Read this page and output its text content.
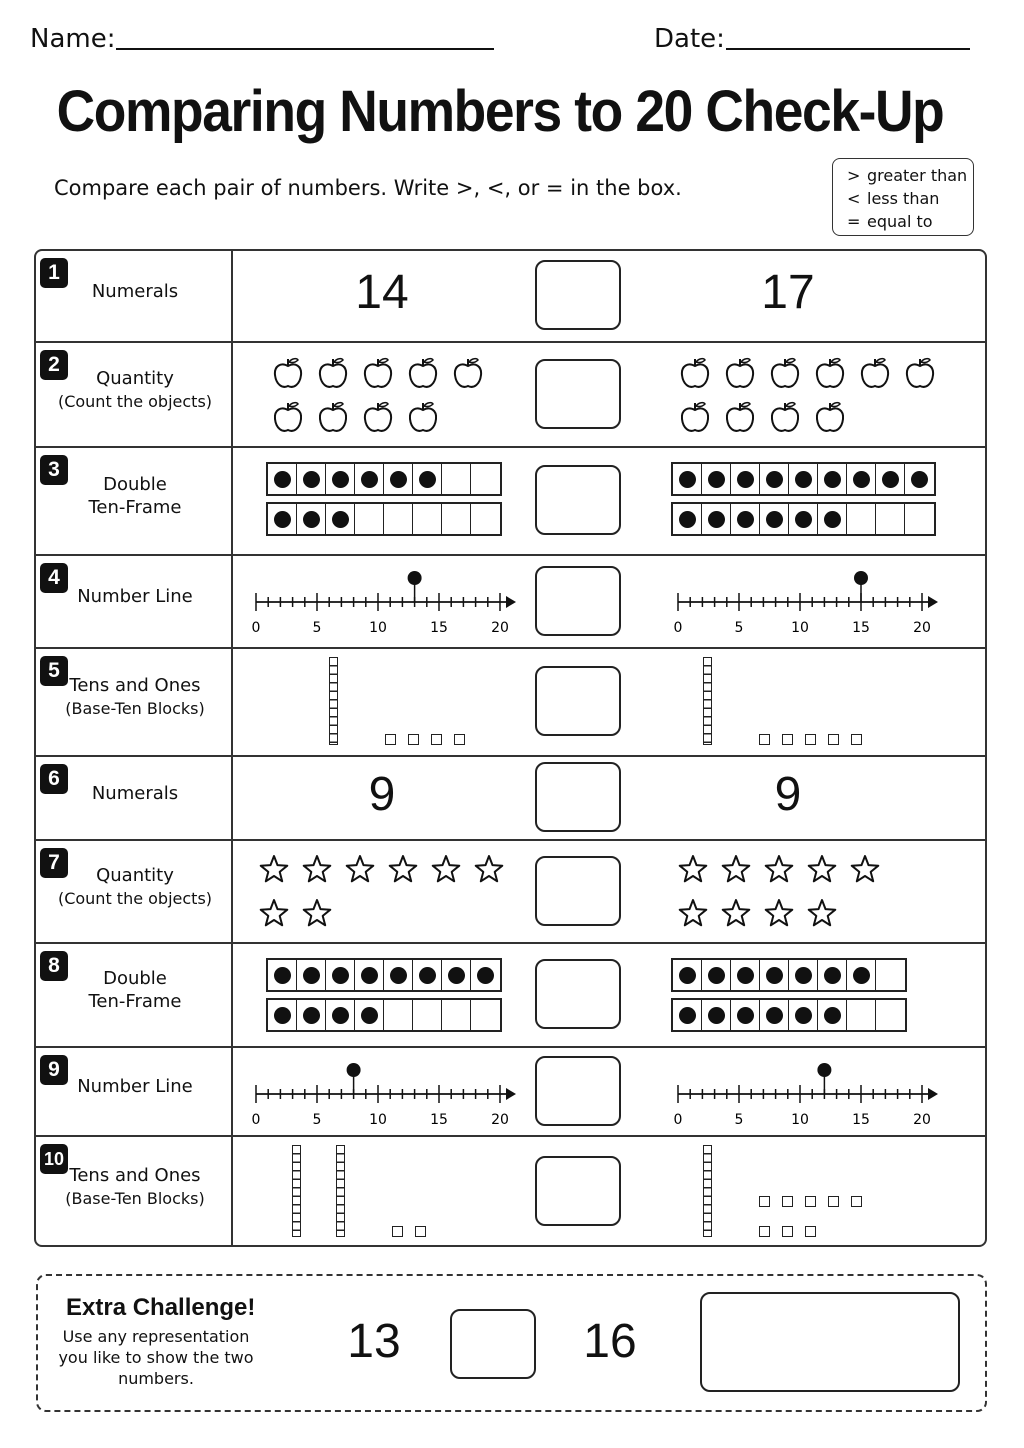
Name:	Date:
Comparing Numbers to 20 Check-Up
Compare each pair of numbers. Write >, <, or = in the box.
> greater than
< less than
= equal to
1
Numerals	14	17
2
Quantity
(Count the objects)
3
Double
Ten-Frame
4
Number Line
0	5	10	15	20	0	5	10	15	20
5
Tens and Ones
(Base-Ten Blocks)
6
Numerals	9	9
7
Quantity
(Count the objects)
8
Double
Ten-Frame
9
Number Line
0	5	10	15	20	0	5	10	15	20
10
Tens and Ones
(Base-Ten Blocks)
Extra Challenge!
Use any representation you like to show the two numbers.
13	16
